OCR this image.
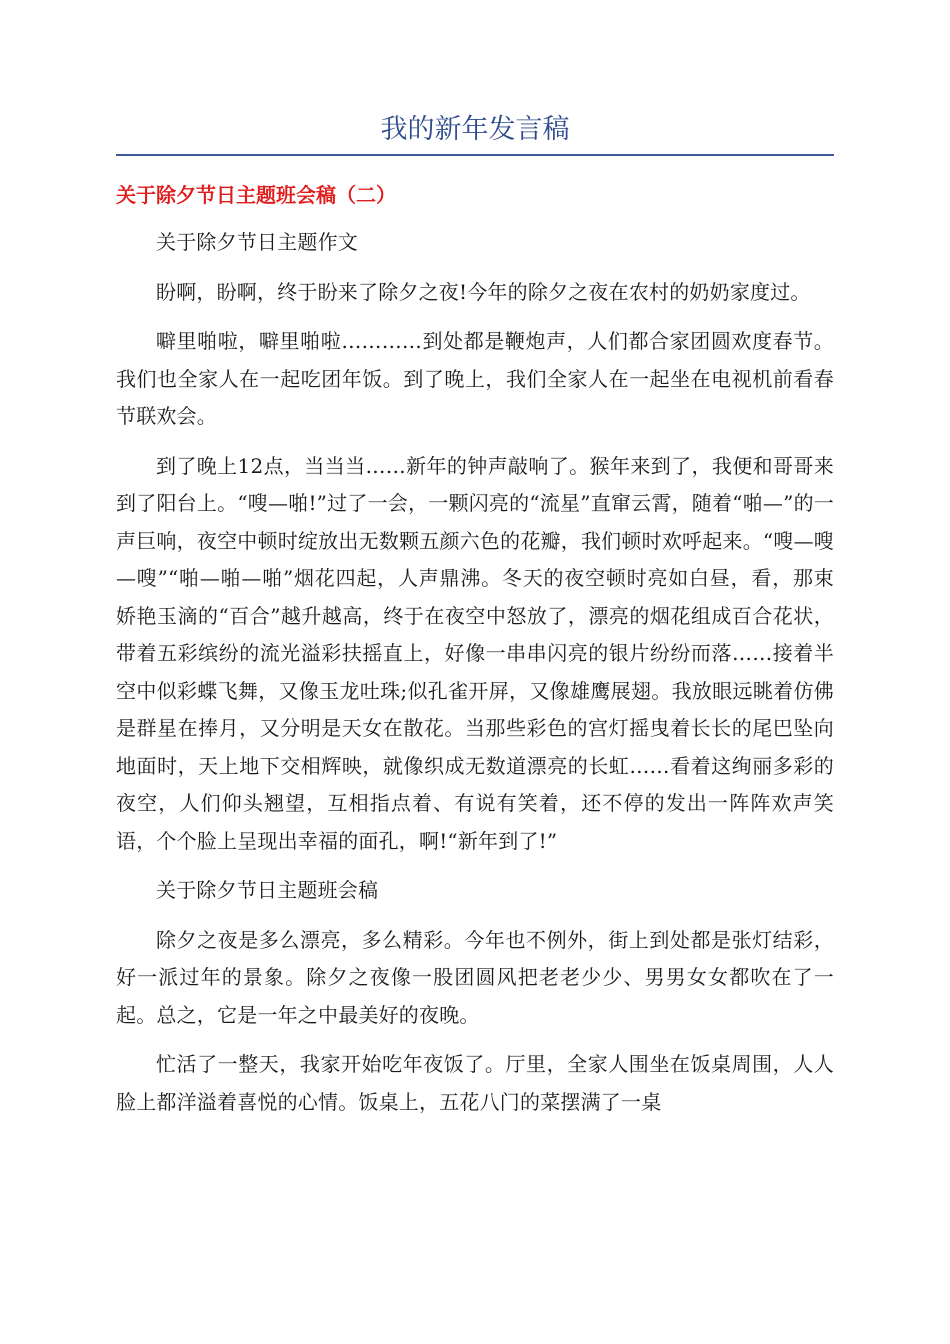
我的新年发言稿
关于除夕节日主题班会稿（二）

关于除夕节日主题作文

盼啊，盼啊，终于盼来了除夕之夜!今年的除夕之夜在农村的奶奶家度过。

噼里啪啦，噼里啪啦…………到处都是鞭炮声，人们都合家团圆欢度春节。我们也全家人在一起吃团年饭。到了晚上，我们全家人在一起坐在电视机前看春节联欢会。

到了晚上12点，当当当……新年的钟声敲响了。猴年来到了，我便和哥哥来到了阳台上。“嗖—啪!”过了一会，一颗闪亮的“流星”直窜云霄，随着“啪—”的一声巨响，夜空中顿时绽放出无数颗五颜六色的花瓣，我们顿时欢呼起来。“嗖—嗖—嗖”“啪—啪—啪”烟花四起，人声鼎沸。冬天的夜空顿时亮如白昼，看，那束娇艳玉滴的“百合”越升越高，终于在夜空中怒放了，漂亮的烟花组成百合花状，带着五彩缤纷的流光溢彩扶摇直上，好像一串串闪亮的银片纷纷而落……接着半空中似彩蝶飞舞，又像玉龙吐珠;似孔雀开屏，又像雄鹰展翅。我放眼远眺着仿佛是群星在捧月，又分明是天女在散花。当那些彩色的宫灯摇曳着长长的尾巴坠向地面时，天上地下交相辉映，就像织成无数道漂亮的长虹……看着这绚丽多彩的夜空，人们仰头翘望，互相指点着、有说有笑着，还不停的发出一阵阵欢声笑语，个个脸上呈现出幸福的面孔，啊!“新年到了!”

关于除夕节日主题班会稿

除夕之夜是多么漂亮，多么精彩。今年也不例外，街上到处都是张灯结彩，好一派过年的景象。除夕之夜像一股团圆风把老老少少、男男女女都吹在了一起。总之，它是一年之中最美好的夜晚。

忙活了一整天，我家开始吃年夜饭了。厅里，全家人围坐在饭桌周围，人人脸上都洋溢着喜悦的心情。饭桌上，五花八门的菜摆满了一桌
